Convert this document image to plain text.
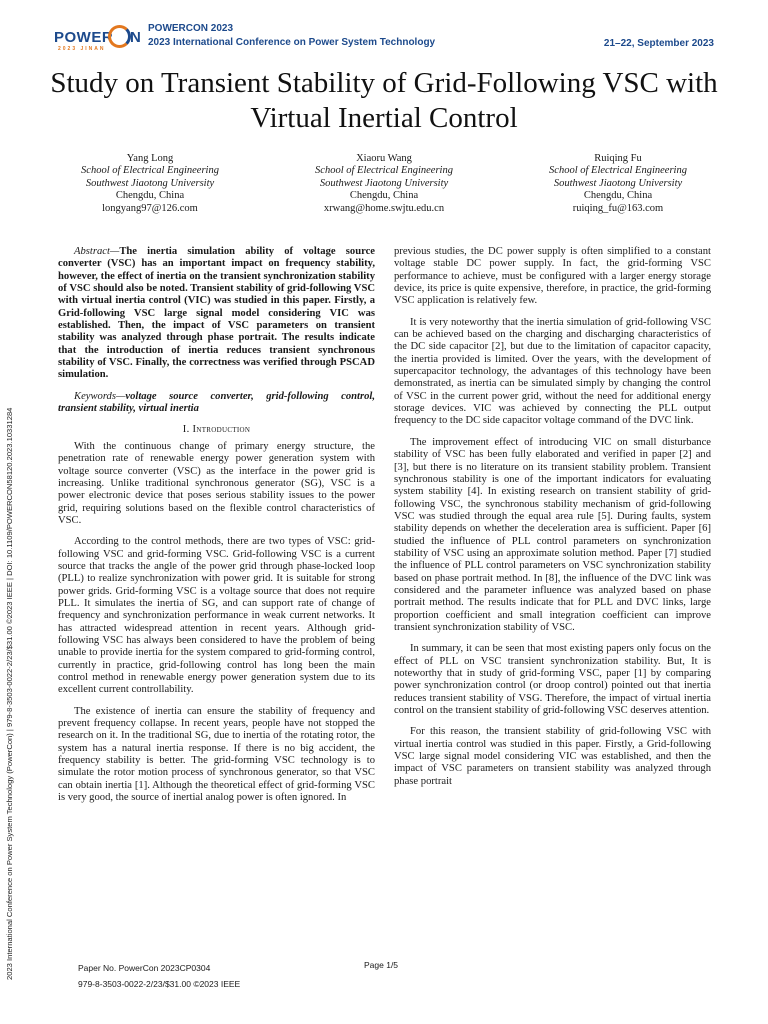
POWER N
2023 JINAN
POWERCON 2023
2023 International Conference on Power System Technology	21–22, September 2023
2023 International Conference on Power System Technology (PowerCon) | 979-8-3503-0022-2/23/$31.00 ©2023 IEEE | DOI: 10.1109/POWERCON58120.2023.10331284
Study on Transient Stability of Grid-Following VSC with Virtual Inertial Control
Yang Long
School of Electrical Engineering
Southwest Jiaotong University
Chengdu, China
longyang97@126.com
Xiaoru Wang
School of Electrical Engineering
Southwest Jiaotong University
Chengdu, China
xrwang@home.swjtu.edu.cn
Ruiqing Fu
School of Electrical Engineering
Southwest Jiaotong University
Chengdu, China
ruiqing_fu@163.com

Abstract—The inertia simulation ability of voltage source converter (VSC) has an important impact on frequency stability, however, the effect of inertia on the transient synchronization stability of VSC should also be noted. Transient stability of grid-following VSC with virtual inertia control (VIC) was studied in this paper. Firstly, a Grid-following VSC large signal model considering VIC was established. Then, the impact of VSC parameters on transient stability was analyzed through phase portrait. The results indicate that the introduction of inertia reduces transient synchronous stability of VSC. Finally, the correctness was verified through PSCAD simulation.

Keywords—voltage source converter, grid-following control, transient stability, virtual inertia

I. Introduction

With the continuous change of primary energy structure, the penetration rate of renewable energy power generation system with voltage source converter (VSC) as the interface in the power grid is increasing. Unlike traditional synchronous generator (SG), VSC is a power electronic device that poses serious stability issues to the power grid, requiring solutions based on the flexible control characteristics of VSC.

According to the control methods, there are two types of VSC: grid-following VSC and grid-forming VSC. Grid-following VSC is a current source that tracks the angle of the power grid through phase-locked loop (PLL) to realize synchronization with power grid. It is suitable for strong power grids. Grid-forming VSC is a voltage source that does not require PLL. It simulates the inertia of SG, and can support rate of change of frequency and synchronization performance in weak current networks. It has attracted widespread attention in recent years. Although grid-following VSC has always been considered to have the problem of being unable to provide inertia for the system compared to grid-forming control, currently in practice, grid-following control has long been the main control method in renewable energy power generation system due to its excellent current controllability.

The existence of inertia can ensure the stability of frequency and prevent frequency collapse. In recent years, people have not stopped the research on it. In the traditional SG, due to inertia of the rotating rotor, the system has a natural inertia response. If there is no big accident, the frequency stability is better. The grid-forming VSC technology is to simulate the rotor motion process of synchronous generator, so that VSC can obtain inertia [1]. Although the theoretical effect of grid-forming VSC is very good, the source of inertial analog power is often ignored. In

previous studies, the DC power supply is often simplified to a constant voltage stable DC power supply. In fact, the grid-forming VSC performance to achieve, must be configured with a larger energy storage device, its price is quite expensive, therefore, in practice, the grid-forming VSC application is relatively few.

It is very noteworthy that the inertia simulation of grid-following VSC can be achieved based on the charging and discharging characteristics of the DC side capacitor [2], but due to the limitation of capacitor capacity, the inertia provided is limited. Over the years, with the development of supercapacitor technology, the advantages of this technology have been demonstrated, as inertia can be simulated simply by changing the control of VSC in the current power grid, without the need for additional energy storage devices. VIC was achieved by connecting the PLL output frequency to the DC side capacitor voltage command of the DVC link.

The improvement effect of introducing VIC on small disturbance stability of VSC has been fully elaborated and verified in paper [2] and [3], but there is no literature on its transient stability problem. Transient synchronous stability is one of the important indicators for evaluating system stability [4]. In existing research on transient stability of grid-following VSC, the synchronous stability mechanism of grid-following VSC was studied through the equal area rule [5]. During faults, system stability depends on whether the deceleration area is sufficient. Paper [6] studied the influence of PLL control parameters on synchronization stability of VSC using an approximate solution method. Paper [7] studied the influence of PLL control parameters on VSC synchronization stability based on phase portrait method. In [8], the influence of the DVC link was considered and the parameter influence was analyzed based on phase portrait method. The results indicate that for PLL and DVC links, large proportion coefficient and small integration coefficient can improve transient synchronization stability of VSC.

In summary, it can be seen that most existing papers only focus on the effect of PLL on VSC transient synchronization stability. But, It is noteworthy that in study of grid-forming VSC, paper [1] by comparing power synchronization control (or droop control) pointed out that inertia reduces transient stability of VSG. Therefore, the impact of virtual inertia control on the transient stability of grid-following VSC deserves attention.

For this reason, the transient stability of grid-following VSC with virtual inertia control was studied in this paper. Firstly, a Grid-following VSC large signal model considering VIC was established, and then the impact of VSC parameters on transient stability was analyzed through phase portrait

Paper No. PowerCon 2023CP0304
979-8-3503-0022-2/23/$31.00 ©2023 IEEE
Page 1/5
